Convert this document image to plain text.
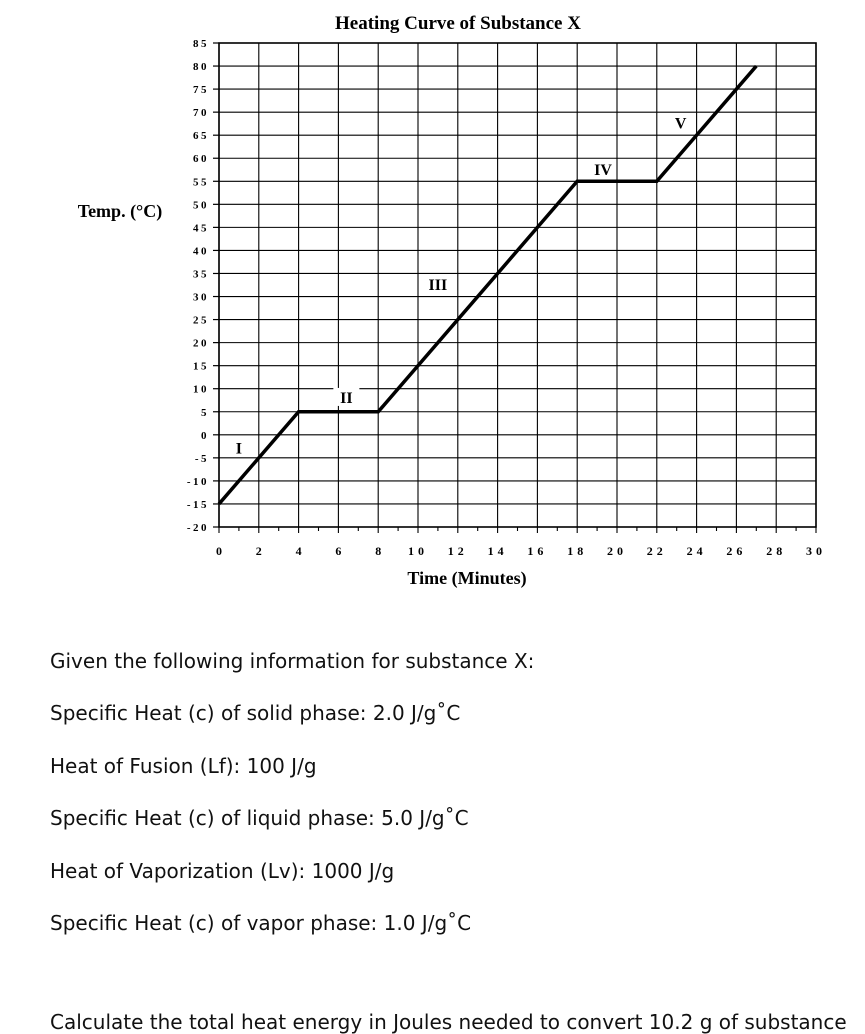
85
80
75
70
65
60
55
50
45
40
35
30
25
20
15
10
5
0
-5
-10
-15
-20
0	2	4	6	8 10 12 14 16 18 20 22 24 26 28 30
I
II
III
IV
V
Heating Curve of Substance X
Temp. (°C)
Time (Minutes)

Given the following information for substance X:

Specific Heat (c) of solid phase: 2.0 J/g˚C

Heat of Fusion (Lf): 100 J/g

Specific Heat (c) of liquid phase: 5.0 J/g˚C

Heat of Vaporization (Lv): 1000 J/g

Specific Heat (c) of vapor phase: 1.0 J/g˚C

Calculate the total heat energy in Joules needed to convert 10.2 g of substance
